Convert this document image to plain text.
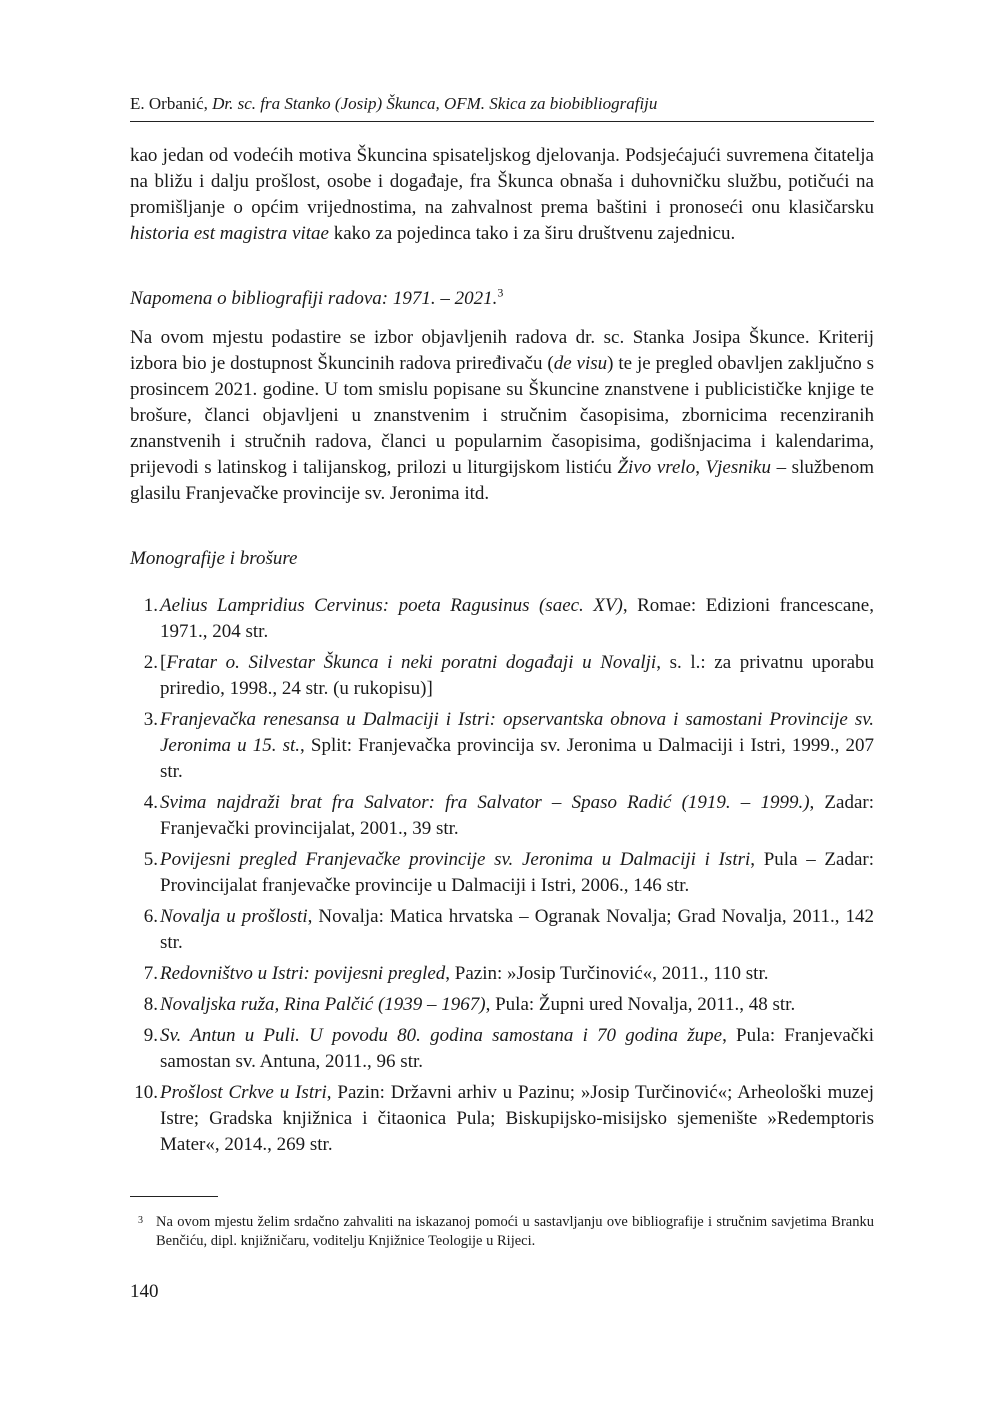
E. Orbanić, Dr. sc. fra Stanko (Josip) Škunca, OFM. Skica za biobibliografiju

kao jedan od vodećih motiva Škuncina spisateljskog djelovanja. Podsjećajući suvremena čitatelja na bližu i dalju prošlost, osobe i događaje, fra Škunca obnaša i duhovničku službu, potičući na promišljanje o općim vrijednostima, na zahvalnost prema baštini i pronoseći onu klasičarsku historia est magistra vitae kako za pojedinca tako i za širu društvenu zajednicu.

Napomena o bibliografiji radova: 1971. – 2021.$^3$

Na ovom mjestu podastire se izbor objavljenih radova dr. sc. Stanka Josipa Škunce. Kriterij izbora bio je dostupnost Škuncinih radova priređivaču (de visu) te je pregled obavljen zaključno s prosincem 2021. godine. U tom smislu popisane su Škuncine znanstvene i publicističke knjige te brošure, članci objavljeni u znanstvenim i stručnim časopisima, zbornicima recenziranih znanstvenih i stručnih radova, članci u popularnim časopisima, godišnjacima i kalendarima, prijevodi s latinskog i talijanskog, prilozi u liturgijskom listiću Živo vrelo, Vjesniku – službenom glasilu Franjevačke provincije sv. Jeronima itd.

Monografije i brošure

1. Aelius Lampridius Cervinus: poeta Ragusinus (saec. XV), Romae: Edizioni francescane, 1971., 204 str.
2. [Fratar o. Silvestar Škunca i neki poratni događaji u Novalji, s. l.: za privatnu uporabu priredio, 1998., 24 str. (u rukopisu)]
3. Franjevačka renesansa u Dalmaciji i Istri: opservantska obnova i samostani Provincije sv. Jeronima u 15. st., Split: Franjevačka provincija sv. Jeronima u Dalmaciji i Istri, 1999., 207 str.
4. Svima najdraži brat fra Salvator: fra Salvator – Spaso Radić (1919. – 1999.), Zadar: Franjevački provincijalat, 2001., 39 str.
5. Povijesni pregled Franjevačke provincije sv. Jeronima u Dalmaciji i Istri, Pula – Zadar: Provincijalat franjevačke provincije u Dalmaciji i Istri, 2006., 146 str.
6. Novalja u prošlosti, Novalja: Matica hrvatska – Ogranak Novalja; Grad Novalja, 2011., 142 str.
7. Redovništvo u Istri: povijesni pregled, Pazin: »Josip Turčinović«, 2011., 110 str.
8. Novaljska ruža, Rina Palčić (1939 – 1967), Pula: Župni ured Novalja, 2011., 48 str.
9. Sv. Antun u Puli. U povodu 80. godina samostana i 70 godina župe, Pula: Franjevački samostan sv. Antuna, 2011., 96 str.
10. Prošlost Crkve u Istri, Pazin: Državni arhiv u Pazinu; »Josip Turčinović«; Arheološki muzej Istre; Gradska knjižnica i čitaonica Pula; Biskupijsko-misijsko sjemenište »Redemptoris Mater«, 2014., 269 str.
3 Na ovom mjestu želim srdačno zahvaliti na iskazanoj pomoći u sastavljanju ove bibliografije i stručnim savjetima Branku Benčiću, dipl. knjižničaru, voditelju Knjižnice Teologije u Rijeci.
140
